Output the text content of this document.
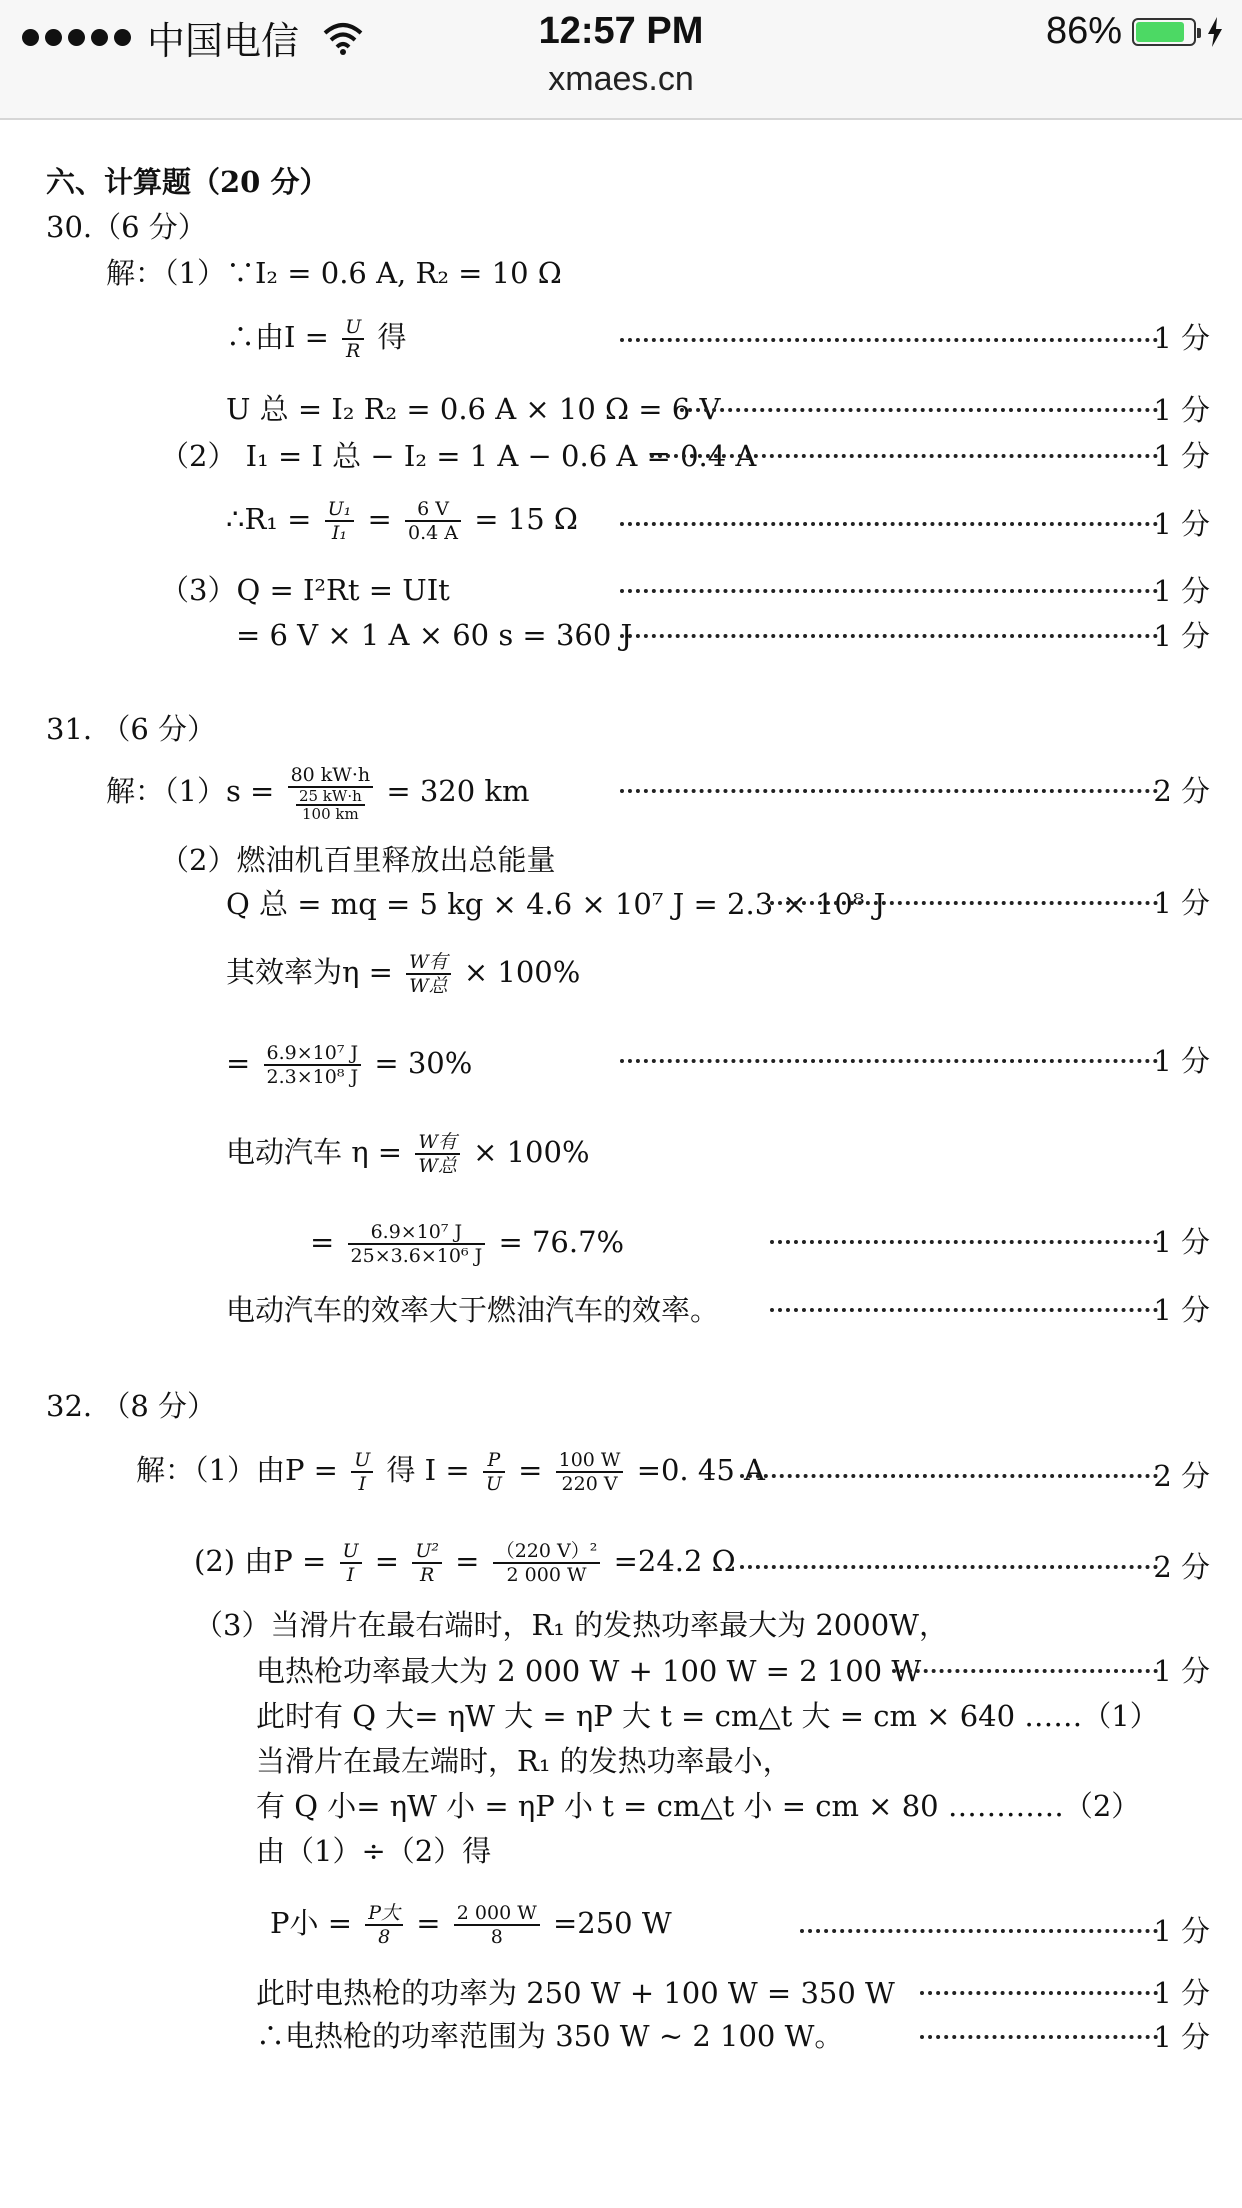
中国电信	12:57 PM
xmaes.cn
86%
六、计算题（20 分）
30.（6 分）
解：（1）∵I₂ = 0.6 A, R₂ = 10 Ω
∴由$I = \frac{U}{R}$ 得	1 分
U 总 = I₂ R₂ = 0.6 A × 10 Ω = 6 V	1 分
（2） I₁ = I 总 − I₂ = 1 A − 0.6 A = 0.4 A	1 分
∴R₁ = $\frac{\text{U₁}}{\text{I₁}} = \frac{6 V}{0.4 A} = 15$ Ω	1 分
（3）Q = I²Rt = UIt	1 分
= 6 V × 1 A × 60 s = 360 J	1 分
31. （6 分）
解：$(1)s = \frac{80 kW\cdot h}{\frac{25 kW\cdot h}{100 km}} = 320$ km	2 分
（2）燃油机百里释放出总能量
Q 总 = mq = 5 kg × 4.6 × 10⁷ J = 2.3 × 10⁸ J	1 分
其效率为$\eta = \frac{\text{W有}}{\text{W总}} \times 100\%$
= $\frac{\text{6.9×10⁷ J}}{\text{2.3×10⁸ J}} = 30\%$	1 分
电动汽车 $\eta = \frac{\text{W有}}{\text{W总}} \times 100\%$
= $\frac{\text{6.9×10⁷ J}}{\text{25×3.6×10⁶ J}} = 76.7\%$	1 分
电动汽车的效率大于燃油汽车的效率。	1 分
32. （8 分）
解：（1）由$P = \frac{U}{I}$ 得 $I = \frac{P}{U} = \frac{100 W}{220 V} =0$. 45 A	2 分
(2) 由$P = \frac{U}{I} = \frac{\text{U²}}{R} = \frac{\text{（220 V）²}}{2 000 W} =24.2$ Ω	2 分
（3）当滑片在最右端时，R₁ 的发热功率最大为 2000W，
电热枪功率最大为 2 000 W + 100 W = 2 100 W	1 分
此时有 Q 大= ηW 大 = ηP 大 t = cm△t 大 = cm × 640 ……（1）
当滑片在最左端时，R₁ 的发热功率最小，
有 Q 小= ηW 小 = ηP 小 t = cm△t 小 = cm × 80 …………（2）
由（1）÷（2）得
P小 = $\frac{\text{P大}}{8} = \frac{2 000 W}{8} =250$ W	1 分
此时电热枪的功率为 250 W + 100 W = 350 W	1 分
∴电热枪的功率范围为 350 W ~ 2 100 W。	1 分
